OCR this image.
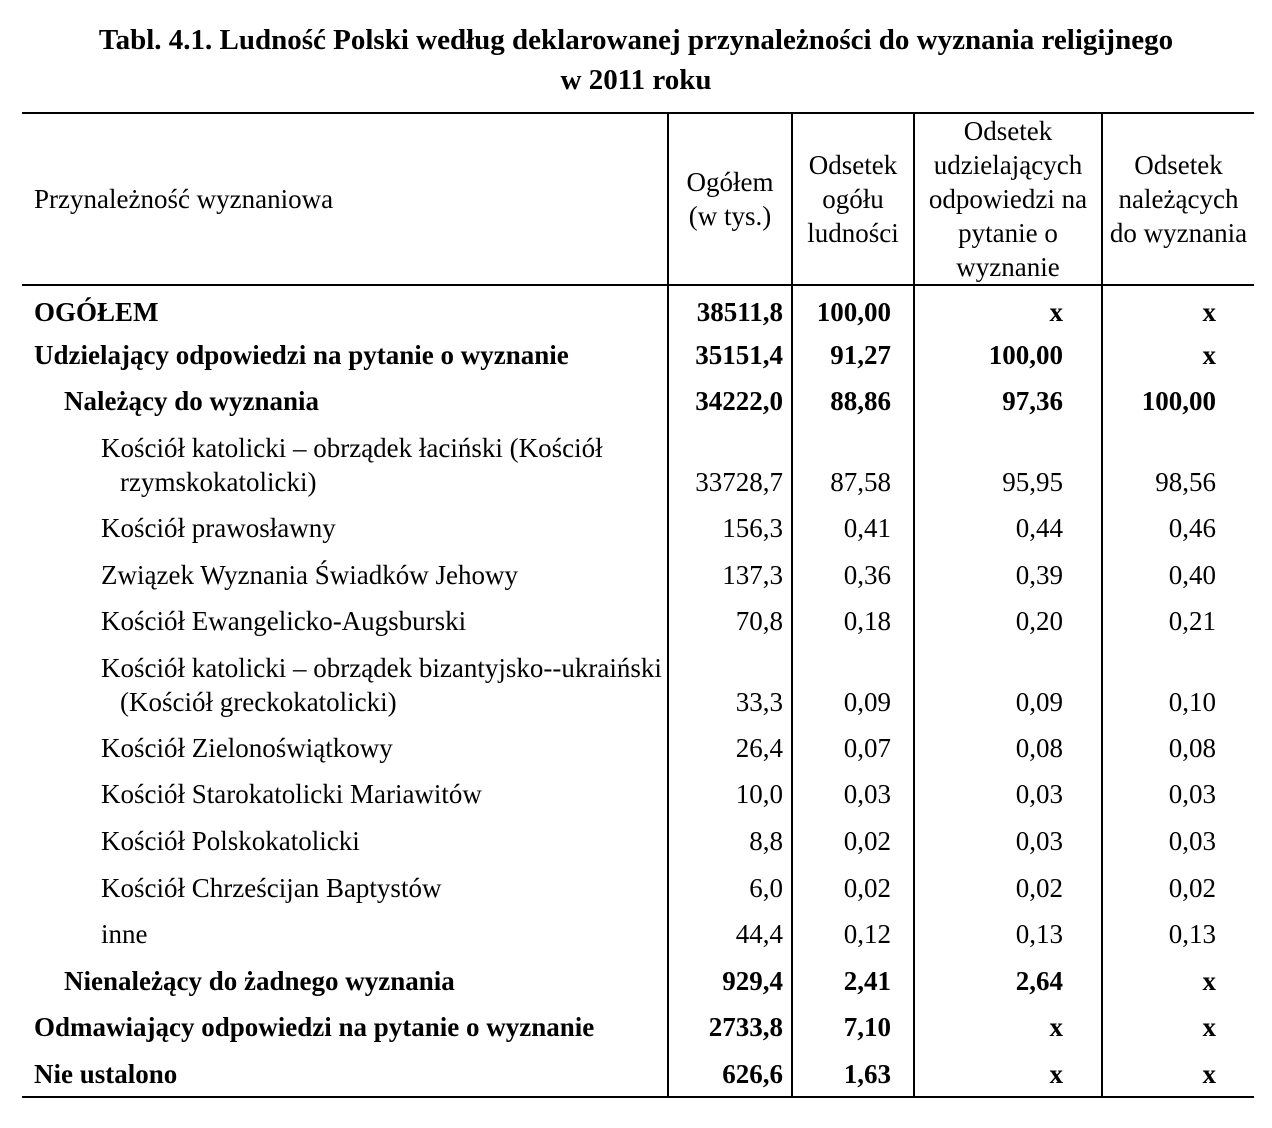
Tabl. 4.1. Ludność Polski według deklarowanej przynależności do wyznania religijnego
w 2011 roku
Przynależność wyznaniowa	Ogółem (w tys.)	Odsetek ogółu ludności	Odsetek udzielających odpowiedzi na pytanie o wyznanie	Odsetek należących do wyznania

OGÓŁEM	38511,8	100,00	x	x

Udzielający odpowiedzi na pytanie o wyznanie	35151,4	91,27	100,00	x

Należący do wyznania	34222,0	88,86	97,36	100,00

Kościół katolicki – obrządek łaciński (Kościół rzymskokatolicki)	33728,7	87,58	95,95	98,56

Kościół prawosławny	156,3	0,41	0,44	0,46

Związek Wyznania Świadków Jehowy	137,3	0,36	0,39	0,40

Kościół Ewangelicko-Augsburski	70,8	0,18	0,20	0,21

Kościół katolicki – obrządek bizantyjsko--ukraiński (Kościół greckokatolicki)	33,3	0,09	0,09	0,10

Kościół Zielonoświątkowy	26,4	0,07	0,08	0,08

Kościół Starokatolicki Mariawitów	10,0	0,03	0,03	0,03

Kościół Polskokatolicki	8,8	0,02	0,03	0,03

Kościół Chrześcijan Baptystów	6,0	0,02	0,02	0,02

inne	44,4	0,12	0,13	0,13

Nienależący do żadnego wyznania	929,4	2,41	2,64	x

Odmawiający odpowiedzi na pytanie o wyznanie	2733,8	7,10	x	x

Nie ustalono	626,6	1,63	x	x
